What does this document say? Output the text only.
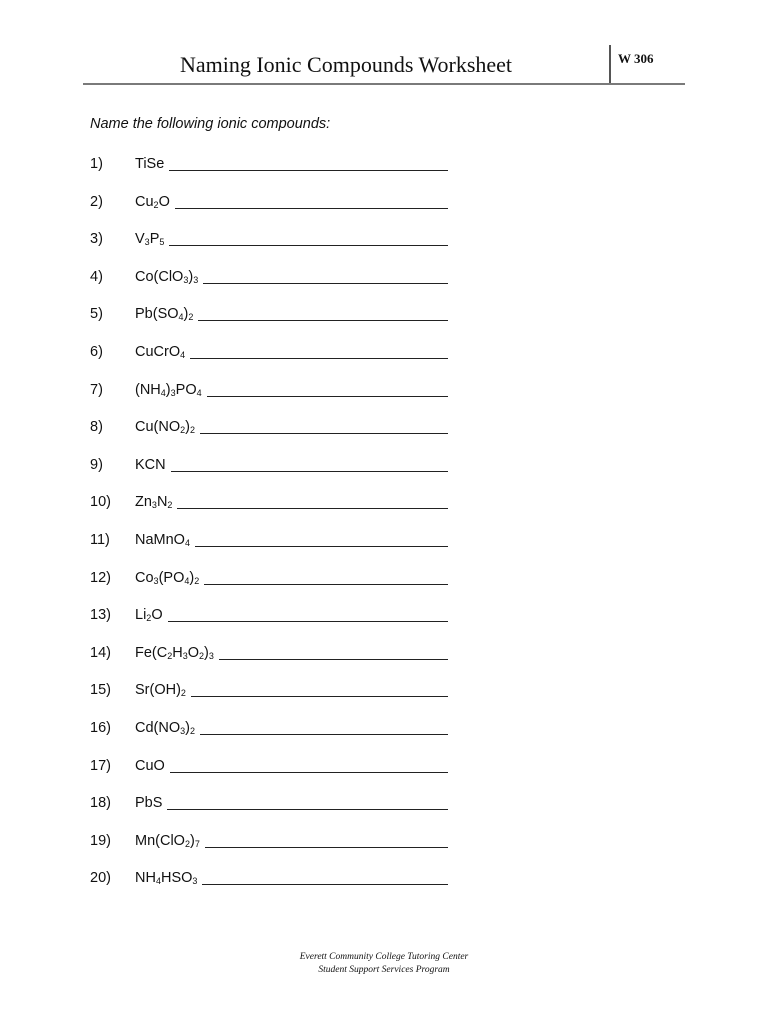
Naming Ionic Compounds Worksheet	W 306
Name the following ionic compounds:
1) TiSe
2) $Cu_2O$
3) $V_3P_5$
4) $Co(ClO_3)_3$
5) $Pb(SO_4)_2$
6) CuCrO$_4$
7) $(NH_4)_3PO_4$
8) $Cu(NO_2)_2$
9) KCN
10) $Zn_3N_2$
11) NaMnO$_4$
12) $Co_3(PO_4)_2$
13) $Li_2O$
14) $Fe(C_2H_3O_2)_3$
15) $Sr(OH)_2$
16) $Cd(NO_3)_2$
17) CuO
18) PbS
19) $Mn(ClO_2)_7$
20) $NH_4HSO_3$
Everett Community College Tutoring Center
Student Support Services Program
